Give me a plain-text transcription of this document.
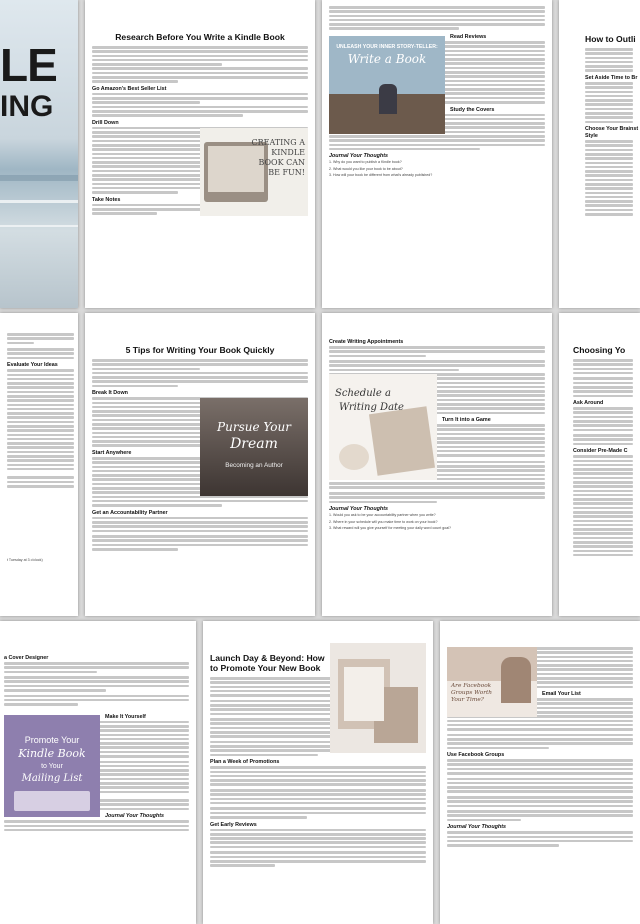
LE
ING
Research Before You Write a Kindle Book
Go Amazon's Best Seller List
Drill Down
CREATING A KINDLE BOOK CAN BE FUN!
Take Notes
UNLEASH YOUR INNER STORY-TELLER:
Write a Book
Read Reviews
Study the Covers
Journal Your Thoughts
1. Why do you want to publish a Kindle book?
2. What would you like your book to be about?
3. How will your book be different from what's already published?
How to Outli
Set Aside Time to Br
Choose Your Brainst
Style
Evaluate Your Ideas
t Tuesday at 3 o'clock)
5 Tips for Writing Your Book Quickly
Break It Down
Pursue Your
Dream
Becoming an Author
Start Anywhere
Get an Accountability Partner
Create Writing Appointments
Schedule a
Writing Date
Turn It into a Game
Journal Your Thoughts
1. Would you ask to be your accountability partner when you write?
2. Where in your schedule will you make time to work on your book?
3. What reward will you give yourself for meeting your daily word count goal?
Choosing Yo
Ask Around
Consider Pre-Made C
a Cover Designer
Promote Your
Kindle Book
to Your
Mailing List
Make It Yourself
Journal Your Thoughts
Launch Day & Beyond: How to Promote Your New Book
Plan a Week of Promotions
Get Early Reviews
Are Facebook Groups Worth Your Time?
Email Your List
Use Facebook Groups
Journal Your Thoughts
